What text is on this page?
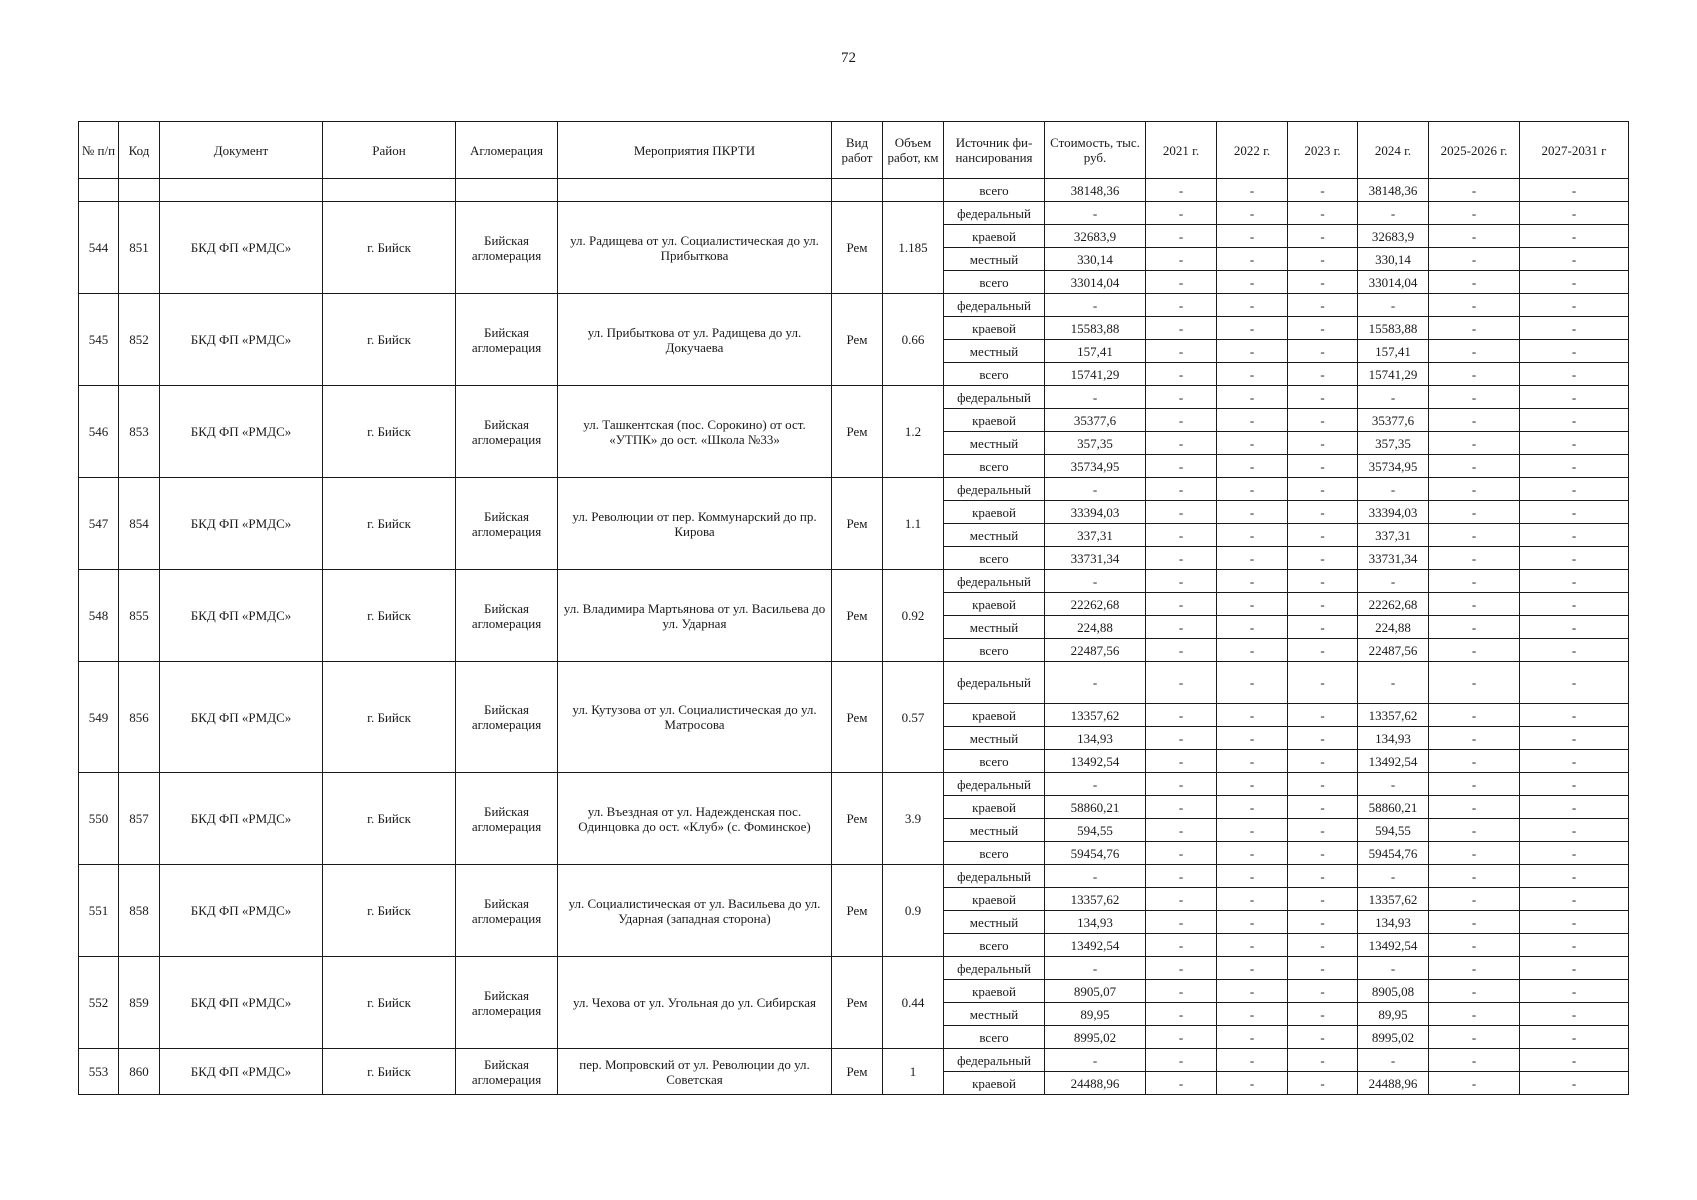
72
№ п/п	Код	Документ	Район	Агломерация	Мероприятия ПКРТИ	Вид работ	Объем работ, км	Источник фи-нансирования	Стоимость, тыс. руб.	2021 г.	2022 г.	2023 г.	2024 г.	2025-2026 г.	2027-2031 г
								всего	38148,36	-	-	-	38148,36	-	-
544	851	БКД ФП «РМДС»	г. Бийск	Бийская агломерация	ул. Радищева от ул. Социалистическая до ул. Прибыткова	Рем	1.185	федеральный	-	-	-	-	-	-	-
								краевой	32683,9	-	-	-	32683,9	-	-
								местный	330,14	-	-	-	330,14	-	-
								всего	33014,04	-	-	-	33014,04	-	-
545	852	БКД ФП «РМДС»	г. Бийск	Бийская агломерация	ул. Прибыткова от ул. Радищева до ул. Докучаева	Рем	0.66	федеральный	-	-	-	-	-	-	-
								краевой	15583,88	-	-	-	15583,88	-	-
								местный	157,41	-	-	-	157,41	-	-
								всего	15741,29	-	-	-	15741,29	-	-
546	853	БКД ФП «РМДС»	г. Бийск	Бийская агломерация	ул. Ташкентская (пос. Сорокино) от ост. «УТПК» до ост. «Школа №33»	Рем	1.2	федеральный	-	-	-	-	-	-	-
								краевой	35377,6	-	-	-	35377,6	-	-
								местный	357,35	-	-	-	357,35	-	-
								всего	35734,95	-	-	-	35734,95	-	-
547	854	БКД ФП «РМДС»	г. Бийск	Бийская агломерация	ул. Революции от пер. Коммунарский до пр. Кирова	Рем	1.1	федеральный	-	-	-	-	-	-	-
								краевой	33394,03	-	-	-	33394,03	-	-
								местный	337,31	-	-	-	337,31	-	-
								всего	33731,34	-	-	-	33731,34	-	-
548	855	БКД ФП «РМДС»	г. Бийск	Бийская агломерация	ул. Владимира Мартьянова от ул. Васильева до ул. Ударная	Рем	0.92	федеральный	-	-	-	-	-	-	-
								краевой	22262,68	-	-	-	22262,68	-	-
								местный	224,88	-	-	-	224,88	-	-
								всего	22487,56	-	-	-	22487,56	-	-
549	856	БКД ФП «РМДС»	г. Бийск	Бийская агломерация	ул. Кутузова от ул. Социалистическая до ул. Матросова	Рем	0.57	федеральный	-	-	-	-	-	-	-
								краевой	13357,62	-	-	-	13357,62	-	-
								местный	134,93	-	-	-	134,93	-	-
								всего	13492,54	-	-	-	13492,54	-	-
550	857	БКД ФП «РМДС»	г. Бийск	Бийская агломерация	ул. Въездная от ул. Надежденская пос. Одинцовка до ост. «Клуб» (с. Фоминское)	Рем	3.9	федеральный	-	-	-	-	-	-	-
								краевой	58860,21	-	-	-	58860,21	-	-
								местный	594,55	-	-	-	594,55	-	-
								всего	59454,76	-	-	-	59454,76	-	-
551	858	БКД ФП «РМДС»	г. Бийск	Бийская агломерация	ул. Социалистическая от ул. Васильева до ул. Ударная (западная сторона)	Рем	0.9	федеральный	-	-	-	-	-	-	-
								краевой	13357,62	-	-	-	13357,62	-	-
								местный	134,93	-	-	-	134,93	-	-
								всего	13492,54	-	-	-	13492,54	-	-
552	859	БКД ФП «РМДС»	г. Бийск	Бийская агломерация	ул. Чехова от ул. Угольная до ул. Сибирская	Рем	0.44	федеральный	-	-	-	-	-	-	-
								краевой	8905,07	-	-	-	8905,08	-	-
								местный	89,95	-	-	-	89,95	-	-
								всего	8995,02	-	-	-	8995,02	-	-
553	860	БКД ФП «РМДС»	г. Бийск	Бийская агломерация	пер. Мопровский от ул. Революции до ул. Советская	Рем	1	федеральный	-	-	-	-	-	-	-
								краевой	24488,96	-	-	-	24488,96	-	-
